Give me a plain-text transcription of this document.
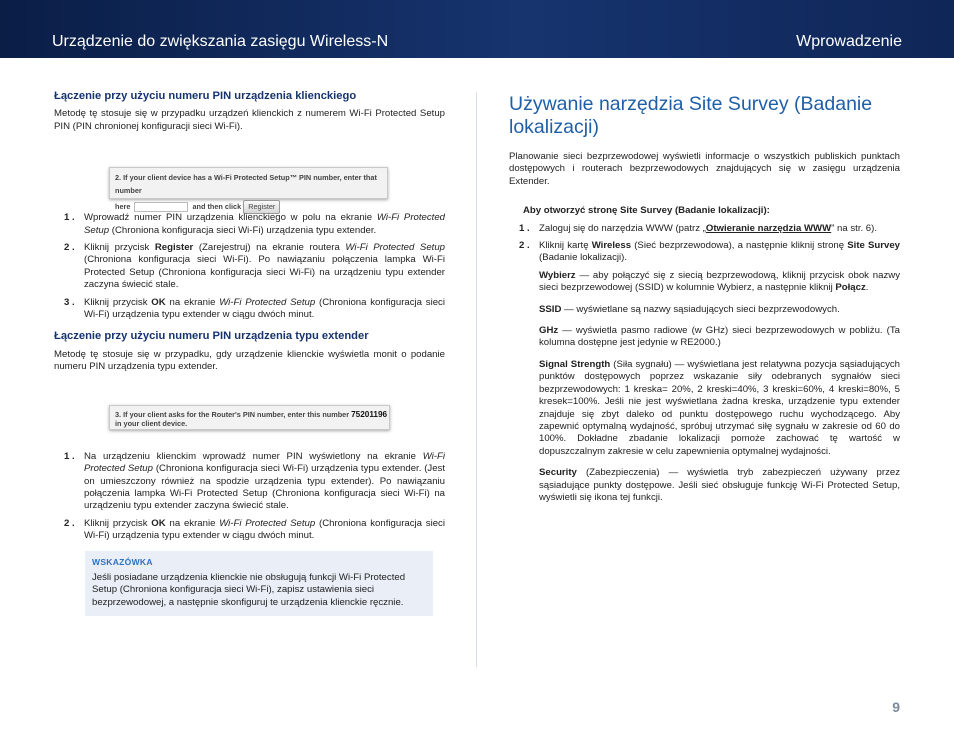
Urządzenie do zwiększania zasięgu Wireless-N	Wprowadzenie
Łączenie przy użyciu numeru PIN urządzenia klienckiego

Metodę tę stosuje się w przypadku urządzeń klienckich z numerem Wi-Fi Protected Setup PIN (PIN chronionej konfiguracji sieci Wi-Fi).

2. If your client device has a Wi-Fi Protected Setup™ PIN number, enter that number
here	and then click Register
1 . Wprowadź numer PIN urządzenia klienckiego w polu na ekranie Wi-Fi Protected Setup (Chroniona konfiguracja sieci Wi-Fi) urządzenia typu extender.
2 . Kliknij przycisk Register (Zarejestruj) na ekranie routera Wi-Fi Protected Setup (Chroniona konfiguracja sieci Wi-Fi). Po nawiązaniu połączenia lampka Wi-Fi Protected Setup (Chroniona konfiguracja sieci Wi-Fi) na urządzeniu typu extender zaczyna świecić stale.
3 . Kliknij przycisk OK na ekranie Wi-Fi Protected Setup (Chroniona konfiguracja sieci Wi-Fi) urządzenia typu extender w ciągu dwóch minut.
Łączenie przy użyciu numeru PIN urządzenia typu extender

Metodę tę stosuje się w przypadku, gdy urządzenie klienckie wyświetla monit o podanie numeru PIN urządzenia typu extender.

3. If your client asks for the Router's PIN number, enter this number 75201196 in your client device.
1 . Na urządzeniu klienckim wprowadź numer PIN wyświetlony na ekranie Wi-Fi Protected Setup (Chroniona konfiguracja sieci Wi-Fi) urządzenia typu extender. (Jest on umieszczony również na spodzie urządzenia typu extender). Po nawiązaniu połączenia lampka Wi-Fi Protected Setup (Chroniona konfiguracja sieci Wi-Fi) na urządzeniu typu extender zaczyna świecić stale.
2 . Kliknij przycisk OK na ekranie Wi-Fi Protected Setup (Chroniona konfiguracja sieci Wi-Fi) urządzenia typu extender w ciągu dwóch minut.
WSKAZÓWKA

Jeśli posiadane urządzenia klienckie nie obsługują funkcji Wi-Fi Protected Setup (Chroniona konfiguracja sieci Wi-Fi), zapisz ustawienia sieci bezprzewodowej, a następnie skonfiguruj te urządzenia klienckie ręcznie.

Używanie narzędzia Site Survey (Badanie lokalizacji)

Planowanie sieci bezprzewodowej wyświetli informacje o wszystkich publiskich punktach dostępowych i routerach bezprzewodowych znajdujących się w zasięgu urządzenia Extender.

Aby otworzyć stronę Site Survey (Badanie lokalizacji):
1 . Zaloguj się do narzędzia WWW (patrz „Otwieranie narzędzia WWW” na str. 6).
2 . Kliknij kartę Wireless (Sieć bezprzewodowa), a następnie kliknij stronę Site Survey (Badanie lokalizacji).

Wybierz — aby połączyć się z siecią bezprzewodową, kliknij przycisk obok nazwy sieci bezprzewodowej (SSID) w kolumnie Wybierz, a następnie kliknij Połącz.

SSID — wyświetlane są nazwy sąsiadujących sieci bezprzewodowych.

GHz — wyświetla pasmo radiowe (w GHz) sieci bezprzewodowych w pobliżu. (Ta kolumna dostępne jest jedynie w RE2000.)

Signal Strength (Siła sygnału) — wyświetlana jest relatywna pozycja sąsiadujących punktów dostępowych poprzez wskazanie siły odebranych sygnałów sieci bezprzewodowych: 1 kreska= 20%, 2 kreski=40%, 3 kreski=60%, 4 kreski=80%, 5 kresek=100%. Jeśli nie jest wyświetlana żadna kreska, urządzenie typu extender znajduje się zbyt daleko od punktu dostępowego ruchu wychodzącego. Aby zapewnić optymalną wydajność, spróbuj utrzymać siłę sygnału w zakresie od 60 do 100%. Dokładne zbadanie lokalizacji pomoże zachować tę wartość w dopuszczalnym zakresie w celu zapewnienia optymalnej wydajności.

Security (Zabezpieczenia) — wyświetla tryb zabezpieczeń używany przez sąsiadujące punkty dostępowe. Jeśli sieć obsługuje funkcję Wi-Fi Protected Setup, wyświetli się ikona tej funkcji.

9
